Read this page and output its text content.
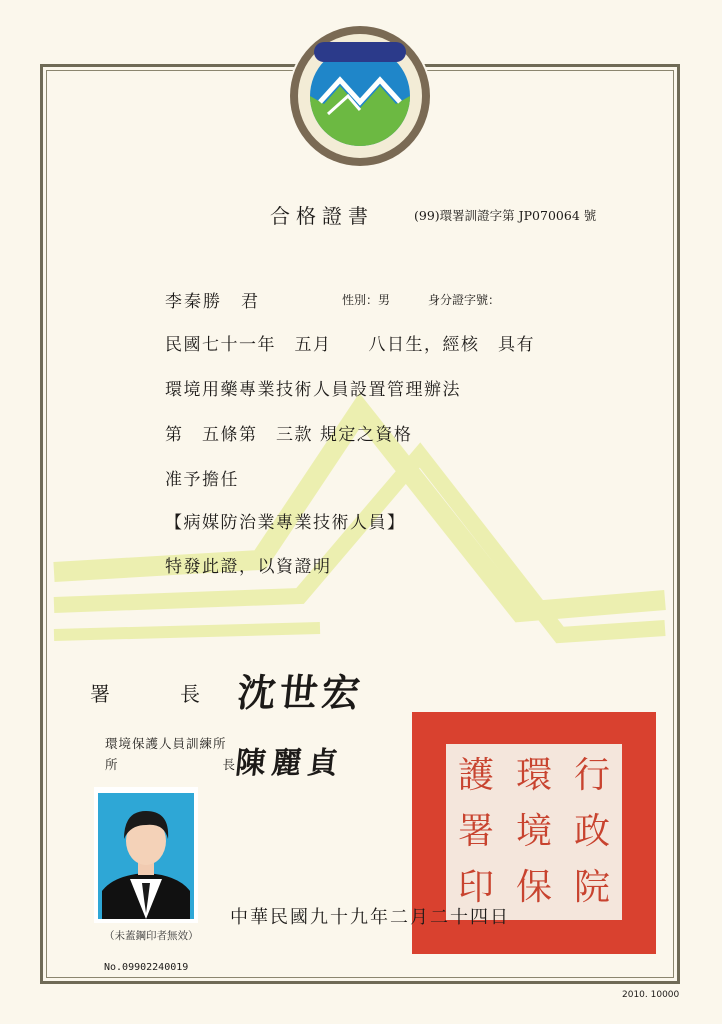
合格證書	(99)環署訓證字第 JP070064 號
李秦勝　君	性別：男	身分證字號：
民國七十一年　五月　　八日生，經核　具有
環境用藥專業技術人員設置管理辦法
第　五條第　三款 規定之資格
准予擔任
【病媒防治業專業技術人員】
特發此證，以資證明
署	長 沈世宏
環境保護人員訓練所
所	長
陳麗貞	行政院
環境保
護署印
（未蓋鋼印者無效）
中華民國九十九年二月二十四日
No.09902240019
2010. 10000
